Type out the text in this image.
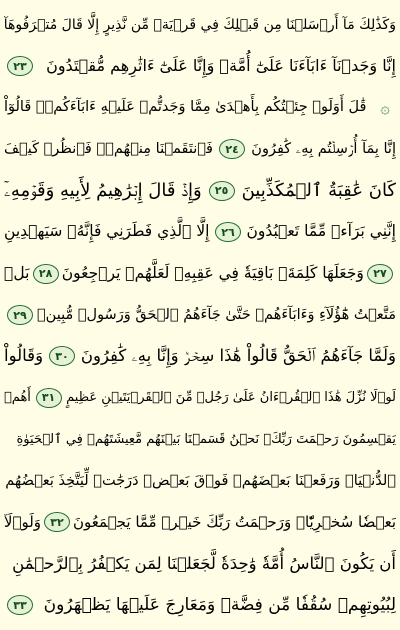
وَكَذَٰلِكَ مَآ أَرۡسَلۡنَا مِن قَبۡلِكَ فِي قَرۡيَةٖ مِّن نَّذِيرٍ إِلَّا قَالَ مُتۡرَفُوهَآ
إِنَّا وَجَدۡنَآ ءَابَآءَنَا عَلَىٰٓ أُمَّةٖ وَإِنَّا عَلَىٰٓ ءَاثَٰرِهِم مُّقۡتَدُونَ
٢٣
۞
قَٰلَ أَوَلَوۡ جِئۡتُكُم بِأَهۡدَىٰ مِمَّا وَجَدتُّمۡ عَلَيۡهِ ءَابَآءَكُمۡۖ قَالُوٓاْ
إِنَّا بِمَآ أُرۡسِلۡتُم بِهِۦ كَٰفِرُونَ
٢٤
فَٱنتَقَمۡنَا مِنۡهُمۡۖ فَٱنظُرۡ كَيۡفَ
كَانَ عَٰقِبَةُ ٱلۡمُكَذِّبِينَ
٢٥
وَإِذۡ قَالَ إِبۡرَٰهِيمُ لِأَبِيهِ وَقَوۡمِهِۦٓ
إِنَّنِي بَرَآءٞ مِّمَّا تَعۡبُدُونَ
٢٦
إِلَّا ٱلَّذِي فَطَرَنِي فَإِنَّهُۥ سَيَهۡدِينِ
٢٧
وَجَعَلَهَا كَلِمَةَۢ بَاقِيَةٗ فِي عَقِبِهِۦ لَعَلَّهُمۡ يَرۡجِعُونَ
٢٨
بَلۡ
مَتَّعۡتُ هَٰٓؤُلَآءِ وَءَابَآءَهُمۡ حَتَّىٰ جَآءَهُمُ ٱلۡحَقُّ وَرَسُولٞ مُّبِينٞ
٢٩
وَلَمَّا جَآءَهُمُ ٱلۡحَقُّ قَالُواْ هَٰذَا سِحۡرٞ وَإِنَّا بِهِۦ كَٰفِرُونَ
٣٠
وَقَالُواْ
لَوۡلَا نُزِّلَ هَٰذَا ٱلۡقُرۡءَانُ عَلَىٰ رَجُلٖ مِّنَ ٱلۡقَرۡيَتَيۡنِ عَظِيمٍ
٣١
أَهُمۡ
يَقۡسِمُونَ رَحۡمَتَ رَبِّكَۚ نَحۡنُ قَسَمۡنَا بَيۡنَهُم مَّعِيشَتَهُمۡ فِي ٱلۡحَيَوٰةِ
ٱلدُّنۡيَاۚ وَرَفَعۡنَا بَعۡضَهُمۡ فَوۡقَ بَعۡضٖ دَرَجَٰتٖ لِّيَتَّخِذَ بَعۡضُهُم
بَعۡضٗا سُخۡرِيّٗاۗ وَرَحۡمَتُ رَبِّكَ خَيۡرٞ مِّمَّا يَجۡمَعُونَ
٣٢
وَلَوۡلَآ
أَن يَكُونَ ٱلنَّاسُ أُمَّةٗ وَٰحِدَةٗ لَّجَعَلۡنَا لِمَن يَكۡفُرُ بِٱلرَّحۡمَٰنِ
لِبُيُوتِهِمۡ سُقُفٗا مِّن فِضَّةٖ وَمَعَارِجَ عَلَيۡهَا يَظۡهَرُونَ
٣٣
